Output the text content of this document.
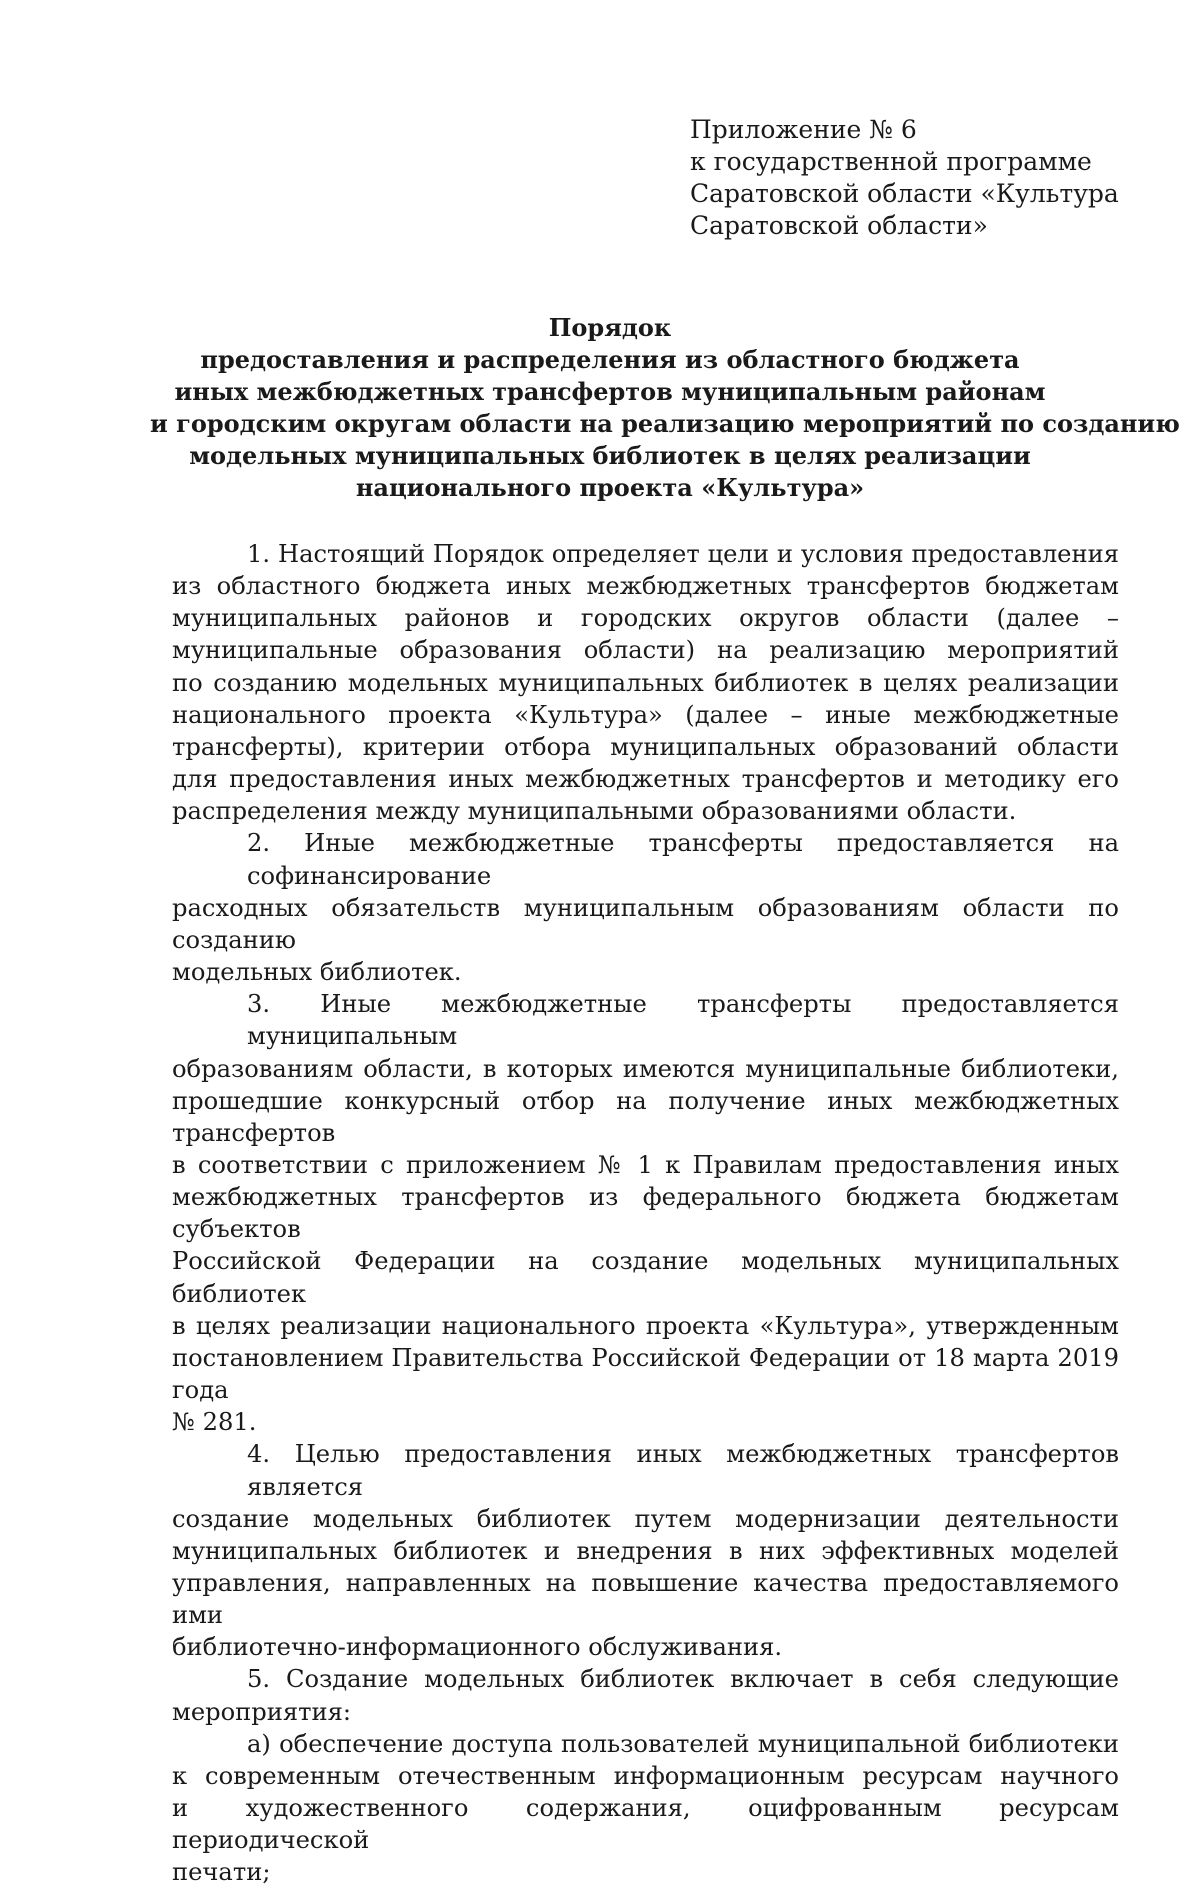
Приложение № 6
к государственной программе
Саратовской области «Культура
Саратовской области»
Порядок
предоставления и распределения из областного бюджета
иных межбюджетных трансфертов муниципальным районам
и городским округам области на реализацию мероприятий по созданию
модельных муниципальных библиотек в целях реализации
национального проекта «Культура»
1. Настоящий Порядок определяет цели и условия предоставления
из областного бюджета иных межбюджетных трансфертов бюджетам
муниципальных районов и городских округов области (далее –
муниципальные образования области) на реализацию мероприятий
по созданию модельных муниципальных библиотек в целях реализации
национального проекта «Культура» (далее – иные межбюджетные
трансферты), критерии отбора муниципальных образований области
для предоставления иных межбюджетных трансфертов и методику его
распределения между муниципальными образованиями области.
2. Иные межбюджетные трансферты предоставляется на софинансирование
расходных обязательств муниципальным образованиям области по созданию
модельных библиотек.
3. Иные межбюджетные трансферты предоставляется муниципальным
образованиям области, в которых имеются муниципальные библиотеки,
прошедшие конкурсный отбор на получение иных межбюджетных трансфертов
в соответствии с приложением № 1 к Правилам предоставления иных
межбюджетных трансфертов из федерального бюджета бюджетам субъектов
Российской Федерации на создание модельных муниципальных библиотек
в целях реализации национального проекта «Культура», утвержденным
постановлением Правительства Российской Федерации от 18 марта 2019 года
№ 281.
4. Целью предоставления иных межбюджетных трансфертов является
создание модельных библиотек путем модернизации деятельности
муниципальных библиотек и внедрения в них эффективных моделей
управления, направленных на повышение качества предоставляемого ими
библиотечно-информационного обслуживания.
5. Создание модельных библиотек включает в себя следующие
мероприятия:
а) обеспечение доступа пользователей муниципальной библиотеки
к современным отечественным информационным ресурсам научного
и художественного содержания, оцифрованным ресурсам периодической
печати;
